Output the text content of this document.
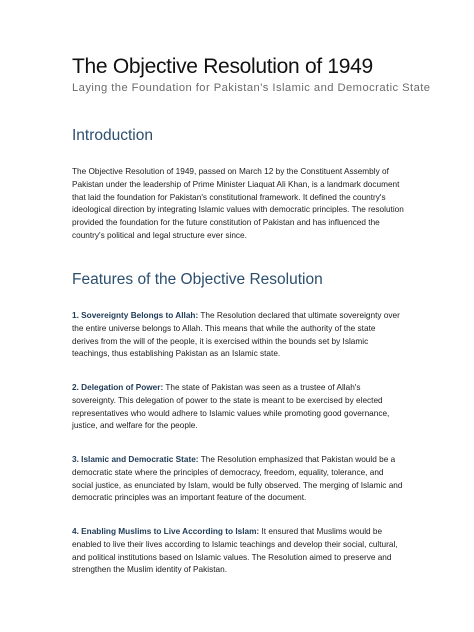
The Objective Resolution of 1949

Laying the Foundation for Pakistan's Islamic and Democratic State

Introduction

The Objective Resolution of 1949, passed on March 12 by the Constituent Assembly of Pakistan under the leadership of Prime Minister Liaquat Ali Khan, is a landmark document that laid the foundation for Pakistan's constitutional framework. It defined the country's ideological direction by integrating Islamic values with democratic principles. The resolution provided the foundation for the future constitution of Pakistan and has influenced the country's political and legal structure ever since.

Features of the Objective Resolution

1. Sovereignty Belongs to Allah: The Resolution declared that ultimate sovereignty over the entire universe belongs to Allah. This means that while the authority of the state derives from the will of the people, it is exercised within the bounds set by Islamic teachings, thus establishing Pakistan as an Islamic state.

2. Delegation of Power: The state of Pakistan was seen as a trustee of Allah's sovereignty. This delegation of power to the state is meant to be exercised by elected representatives who would adhere to Islamic values while promoting good governance, justice, and welfare for the people.

3. Islamic and Democratic State: The Resolution emphasized that Pakistan would be a democratic state where the principles of democracy, freedom, equality, tolerance, and social justice, as enunciated by Islam, would be fully observed. The merging of Islamic and democratic principles was an important feature of the document.

4. Enabling Muslims to Live According to Islam: It ensured that Muslims would be enabled to live their lives according to Islamic teachings and develop their social, cultural, and political institutions based on Islamic values. The Resolution aimed to preserve and strengthen the Muslim identity of Pakistan.
